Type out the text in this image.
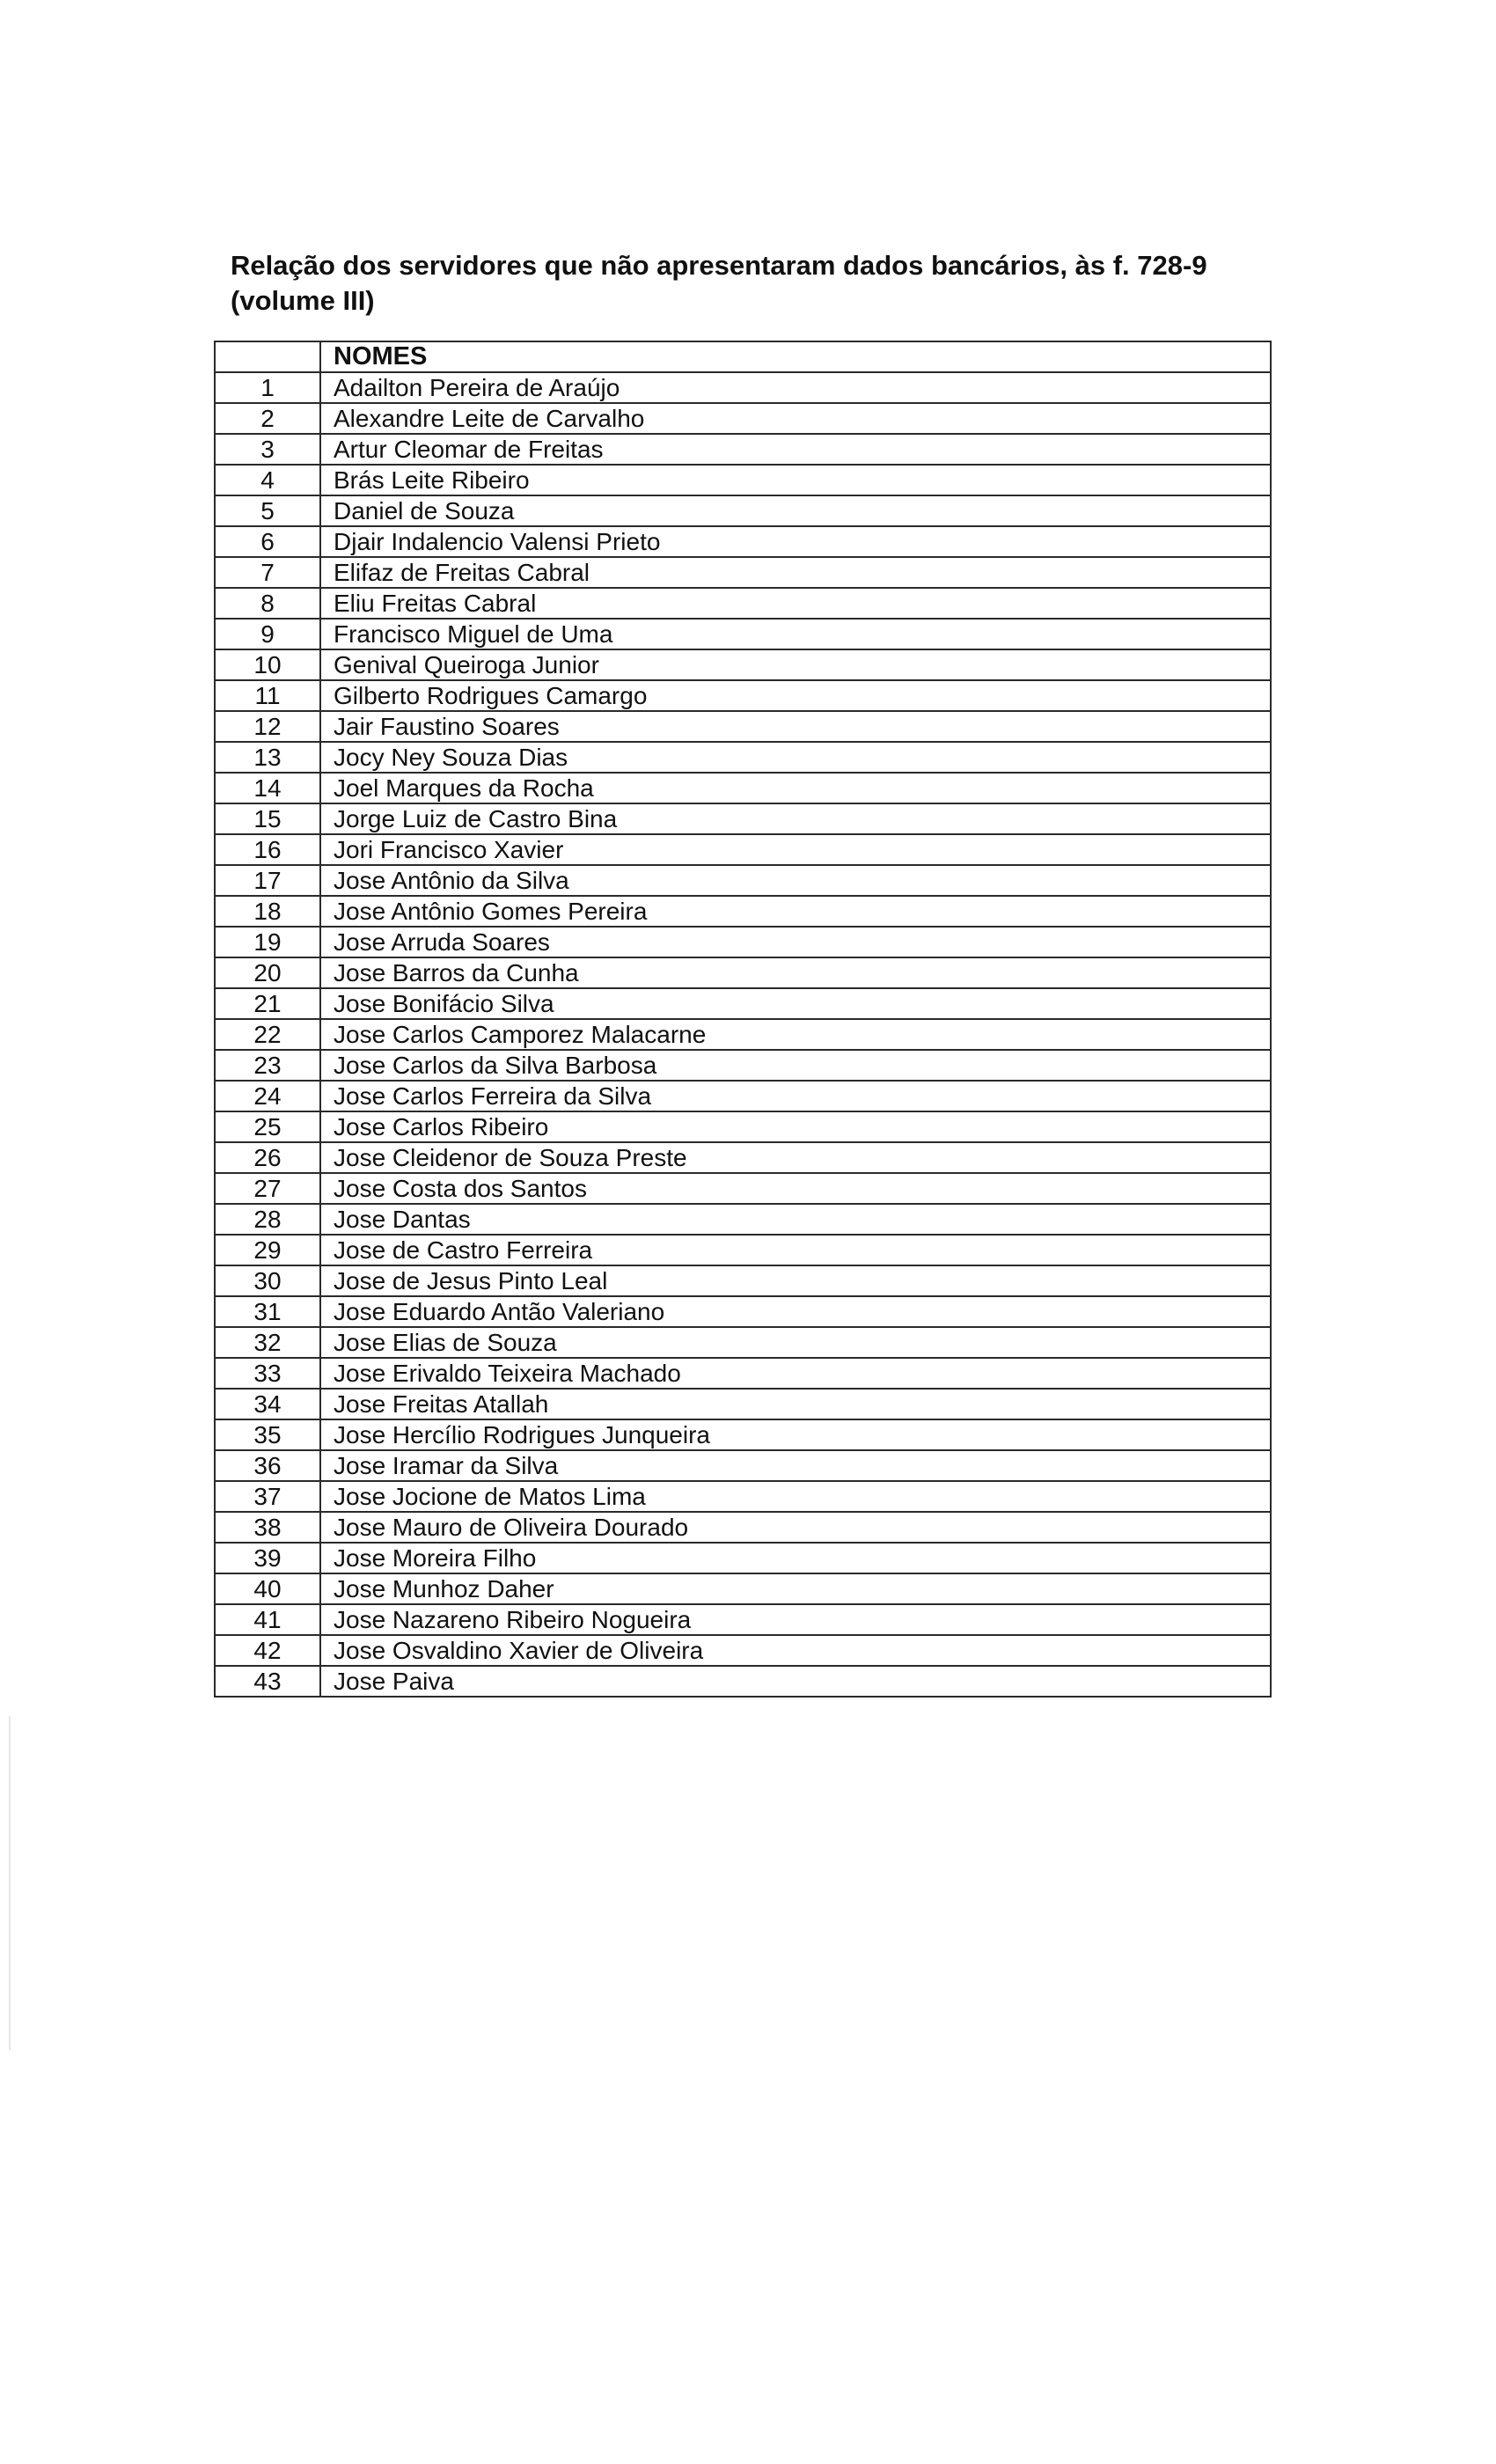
Relação dos servidores que não apresentaram dados bancários, às f. 728-9
(volume III)
	NOMES
1	Adailton Pereira de Araújo
2	Alexandre Leite de Carvalho
3	Artur Cleomar de Freitas
4	Brás Leite Ribeiro
5	Daniel de Souza
6	Djair Indalencio Valensi Prieto
7	Elifaz de Freitas Cabral
8	Eliu Freitas Cabral
9	Francisco Miguel de Uma
10	Genival Queiroga Junior
11	Gilberto Rodrigues Camargo
12	Jair Faustino Soares
13	Jocy Ney Souza Dias
14	Joel Marques da Rocha
15	Jorge Luiz de Castro Bina
16	Jori Francisco Xavier
17	Jose Antônio da Silva
18	Jose Antônio Gomes Pereira
19	Jose Arruda Soares
20	Jose Barros da Cunha
21	Jose Bonifácio Silva
22	Jose Carlos Camporez Malacarne
23	Jose Carlos da Silva Barbosa
24	Jose Carlos Ferreira da Silva
25	Jose Carlos Ribeiro
26	Jose Cleidenor de Souza Preste
27	Jose Costa dos Santos
28	Jose Dantas
29	Jose de Castro Ferreira
30	Jose de Jesus Pinto Leal
31	Jose Eduardo Antão Valeriano
32	Jose Elias de Souza
33	Jose Erivaldo Teixeira Machado
34	Jose Freitas Atallah
35	Jose Hercílio Rodrigues Junqueira
36	Jose Iramar da Silva
37	Jose Jocione de Matos Lima
38	Jose Mauro de Oliveira Dourado
39	Jose Moreira Filho
40	Jose Munhoz Daher
41	Jose Nazareno Ribeiro Nogueira
42	Jose Osvaldino Xavier de Oliveira
43	Jose Paiva
